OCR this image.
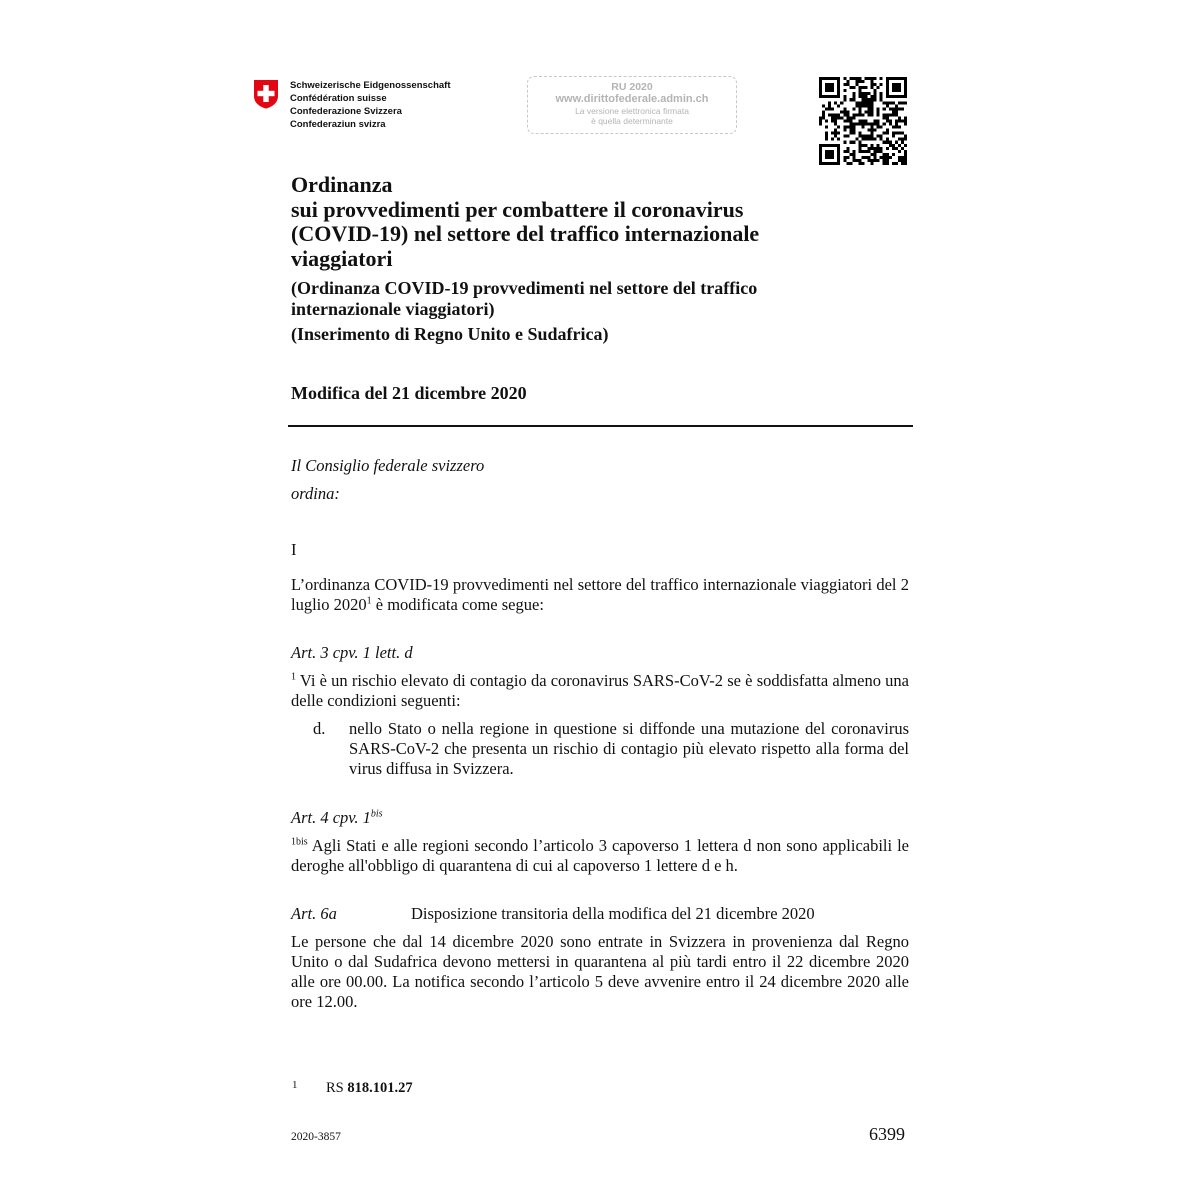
Schweizerische Eidgenossenschaft
Confédération suisse
Confederazione Svizzera
Confederaziun svizra
RU 2020
www.dirittofederale.admin.ch
La versione elettronica firmata
è quella determinante
Ordinanza
sui provvedimenti per combattere il coronavirus
(COVID-19) nel settore del traffico internazionale
viaggiatori
(Ordinanza COVID-19 provvedimenti nel settore del traffico
internazionale viaggiatori)
(Inserimento di Regno Unito e Sudafrica)
Modifica del 21 dicembre 2020
Il Consiglio federale svizzero
ordina:
I
L’ordinanza COVID-19 provvedimenti nel settore del traffico internazionale viaggiatori del 2 luglio 2020$^1$ è modificata come segue:
Art. 3 cpv. 1 lett. d
$^1$ Vi è un rischio elevato di contagio da coronavirus SARS-CoV-2 se è soddisfatta almeno una delle condizioni seguenti:
d. nello Stato o nella regione in questione si diffonde una mutazione del coronavirus SARS-CoV-2 che presenta un rischio di contagio più elevato rispetto alla forma del virus diffusa in Svizzera.
Art. 4 cpv. $1^{bis}$
$^{1bis}$ Agli Stati e alle regioni secondo l’articolo 3 capoverso 1 lettera d non sono applicabili le deroghe all'obbligo di quarantena di cui al capoverso 1 lettere d e h.
Art. 6a	Disposizione transitoria della modifica del 21 dicembre 2020
Le persone che dal 14 dicembre 2020 sono entrate in Svizzera in provenienza dal Regno Unito o dal Sudafrica devono mettersi in quarantena al più tardi entro il 22 dicembre 2020 alle ore 00.00. La notifica secondo l’articolo 5 deve avvenire entro il 24 dicembre 2020 alle ore 12.00.
1 RS 818.101.27
2020-3857	6399
